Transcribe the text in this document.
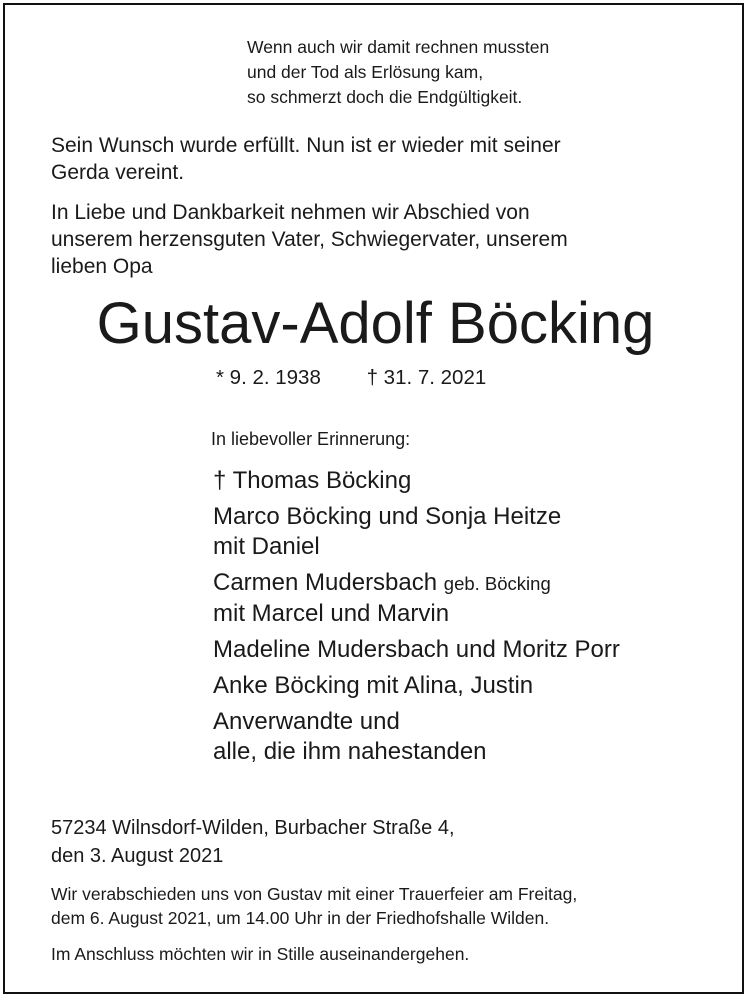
Wenn auch wir damit rechnen mussten
und der Tod als Erlösung kam,
so schmerzt doch die Endgültigkeit.
Sein Wunsch wurde erfüllt. Nun ist er wieder mit seiner
Gerda vereint.
In Liebe und Dankbarkeit nehmen wir Abschied von
unserem herzensguten Vater, Schwiegervater, unserem
lieben Opa
Gustav-Adolf Böcking
* 9. 2. 1938 † 31. 7. 2021
In liebevoller Erinnerung:
† Thomas Böcking
Marco Böcking und Sonja Heitze
mit Daniel
Carmen Mudersbach geb. Böcking
mit Marcel und Marvin
Madeline Mudersbach und Moritz Porr
Anke Böcking mit Alina, Justin
Anverwandte und
alle, die ihm nahestanden
57234 Wilnsdorf-Wilden, Burbacher Straße 4,
den 3. August 2021
Wir verabschieden uns von Gustav mit einer Trauerfeier am Freitag,
dem 6. August 2021, um 14.00 Uhr in der Friedhofshalle Wilden.
Im Anschluss möchten wir in Stille auseinandergehen.
